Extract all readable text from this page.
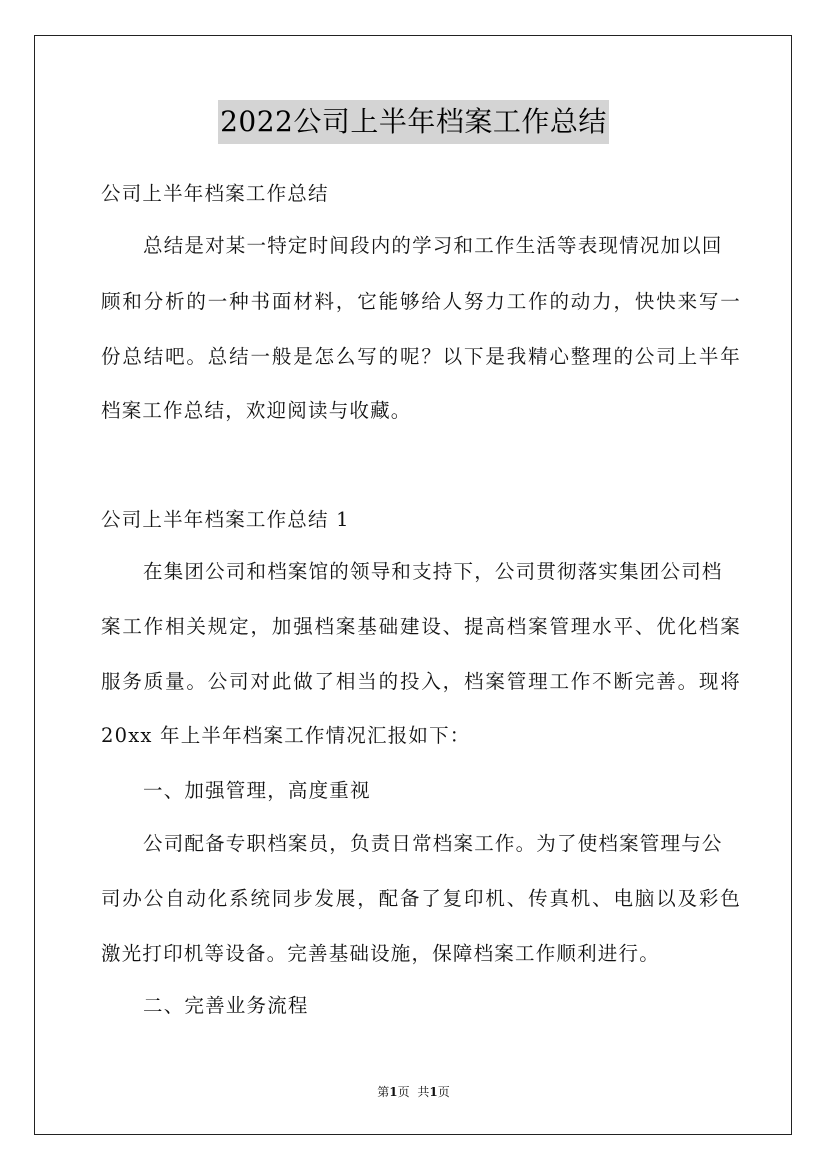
2022公司上半年档案工作总结
公司上半年档案工作总结
总结是对某一特定时间段内的学习和工作生活等表现情况加以回
顾和分析的一种书面材料，它能够给人努力工作的动力，快快来写一
份总结吧。总结一般是怎么写的呢？以下是我精心整理的公司上半年
档案工作总结，欢迎阅读与收藏。
公司上半年档案工作总结 1
在集团公司和档案馆的领导和支持下，公司贯彻落实集团公司档
案工作相关规定，加强档案基础建设、提高档案管理水平、优化档案
服务质量。公司对此做了相当的投入，档案管理工作不断完善。现将
20xx 年上半年档案工作情况汇报如下：
一、加强管理，高度重视
公司配备专职档案员，负责日常档案工作。为了使档案管理与公
司办公自动化系统同步发展，配备了复印机、传真机、电脑以及彩色
激光打印机等设备。完善基础设施，保障档案工作顺利进行。
二、完善业务流程
第1页 共1页
